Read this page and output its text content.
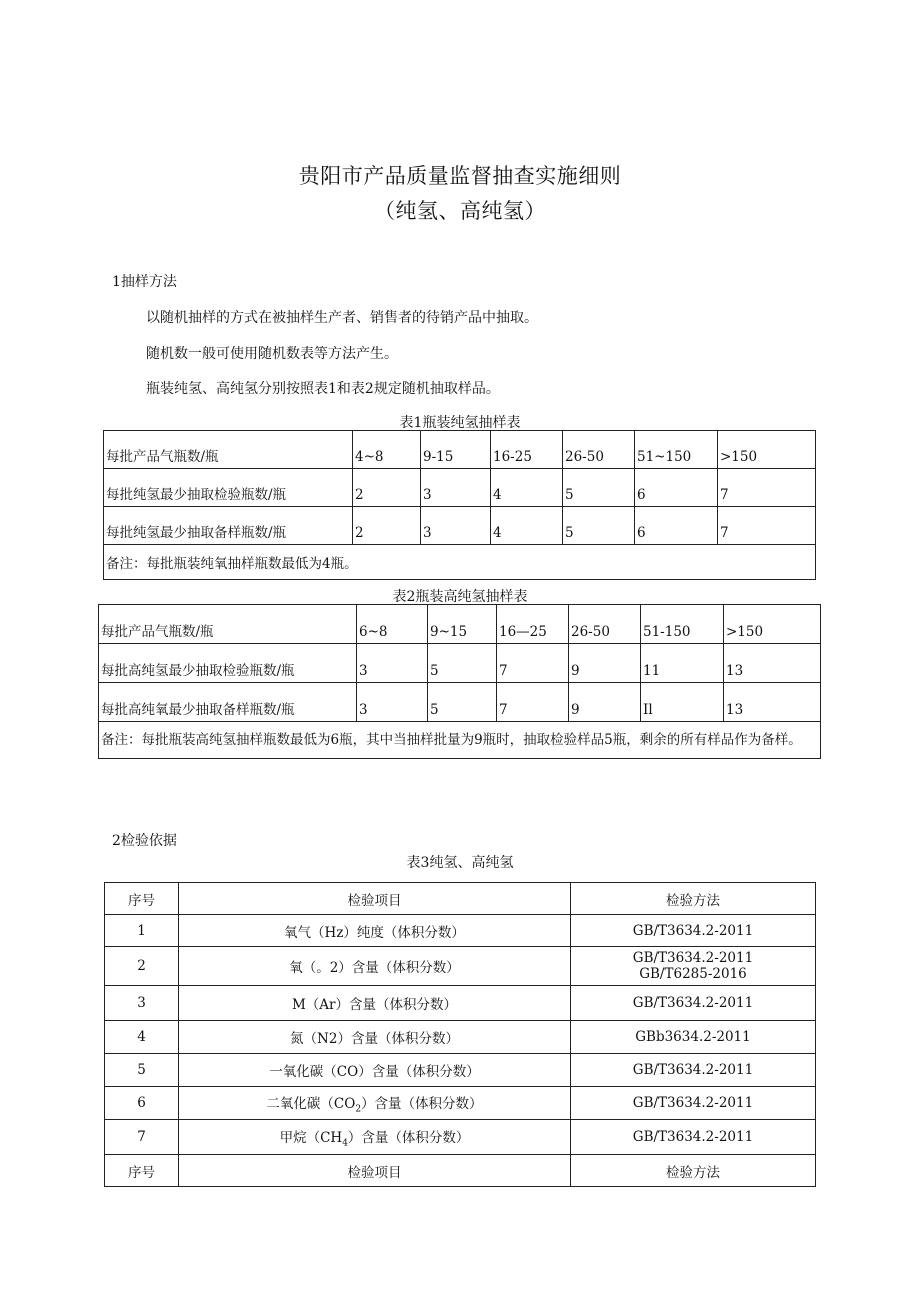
贵阳市产品质量监督抽查实施细则
（纯氢、高纯氢）
1抽样方法
以随机抽样的方式在被抽样生产者、销售者的待销产品中抽取。
随机数一般可使用随机数表等方法产生。
瓶装纯氢、高纯氢分别按照表1和表2规定随机抽取样品。
表1瓶装纯氢抽样表
每批产品气瓶数/瓶	4~8	9-15	16-25	26-50	51~150	>150
每批纯氢最少抽取检验瓶数/瓶	2	3	4	5	6	7
每批纯氢最少抽取备样瓶数/瓶	2	3	4	5	6	7
备注：每批瓶装纯氧抽样瓶数最低为4瓶。						
表2瓶装高纯氢抽样表
每批产品气瓶数/瓶	6~8	9~15	16—25	26-50	51-150	>150
每批高纯氢最少抽取检验瓶数/瓶	3	5	7	9	11	13
每批高纯氧最少抽取备样瓶数/瓶	3	5	7	9	Il	13
备注：每批瓶装高纯氢抽样瓶数最低为6瓶，其中当抽样批量为9瓶时，抽取检验样品5瓶，剩余的所有样品作为备样。						
2检验依据
表3纯氢、高纯氢
序号	检验项目	检验方法
1	氧气（Hz）纯度（体积分数）	GB/T3634.2-2011
2	氧（。2）含量（体积分数）	GB/T3634.2-2011
GB/T6285-2016

3	M（Ar）含量（体积分数）	GB/T3634.2-2011
4	氮（N2）含量（体积分数）	GBb3634.2-2011
5	一氧化碳（CO）含量（体积分数）	GB/T3634.2-2011
6	二氧化碳$(CO_2)$含量（体积分数）	GB/T3634.2-2011
7	甲烷$(CH_4)$含量（体积分数）	GB/T3634.2-2011
序号	检验项目	检验方法
